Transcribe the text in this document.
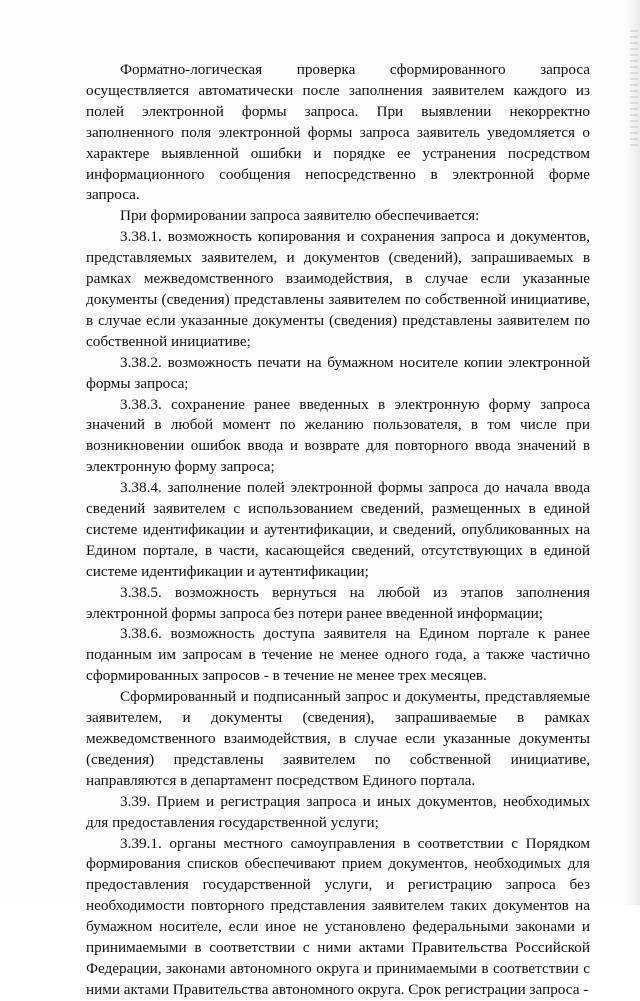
Форматно-логическая проверка сформированного запроса осуществляется автоматически после заполнения заявителем каждого из полей электронной формы запроса. При выявлении некорректно заполненного поля электронной формы запроса заявитель уведомляется о характере выявленной ошибки и порядке ее устранения посредством информационного сообщения непосредственно в электронной форме запроса.

При формировании запроса заявителю обеспечивается:

3.38.1. возможность копирования и сохранения запроса и документов, представляемых заявителем, и документов (сведений), запрашиваемых в рамках межведомственного взаимодействия, в случае если указанные документы (сведения) представлены заявителем по собственной инициативе, в случае если указанные документы (сведения) представлены заявителем по собственной инициативе;

3.38.2. возможность печати на бумажном носителе копии электронной формы запроса;

3.38.3. сохранение ранее введенных в электронную форму запроса значений в любой момент по желанию пользователя, в том числе при возникновении ошибок ввода и возврате для повторного ввода значений в электронную форму запроса;

3.38.4. заполнение полей электронной формы запроса до начала ввода сведений заявителем с использованием сведений, размещенных в единой системе идентификации и аутентификации, и сведений, опубликованных на Едином портале, в части, касающейся сведений, отсутствующих в единой системе идентификации и аутентификации;

3.38.5. возможность вернуться на любой из этапов заполнения электронной формы запроса без потери ранее введенной информации;

3.38.6. возможность доступа заявителя на Едином портале к ранее поданным им запросам в течение не менее одного года, а также частично сформированных запросов - в течение не менее трех месяцев.

Сформированный и подписанный запрос и документы, представляемые заявителем, и документы (сведения), запрашиваемые в рамках межведомственного взаимодействия, в случае если указанные документы (сведения) представлены заявителем по собственной инициативе, направляются в департамент посредством Единого портала.

3.39. Прием и регистрация запроса и иных документов, необходимых для предоставления государственной услуги;

3.39.1. органы местного самоуправления в соответствии с Порядком формирования списков обеспечивают прием документов, необходимых для предоставления государственной услуги, и регистрацию запроса без необходимости повторного представления заявителем таких документов на бумажном носителе, если иное не установлено федеральными законами и принимаемыми в соответствии с ними актами Правительства Российской Федерации, законами автономного округа и принимаемыми в соответствии с ними актами Правительства автономного округа. Срок регистрации запроса -
